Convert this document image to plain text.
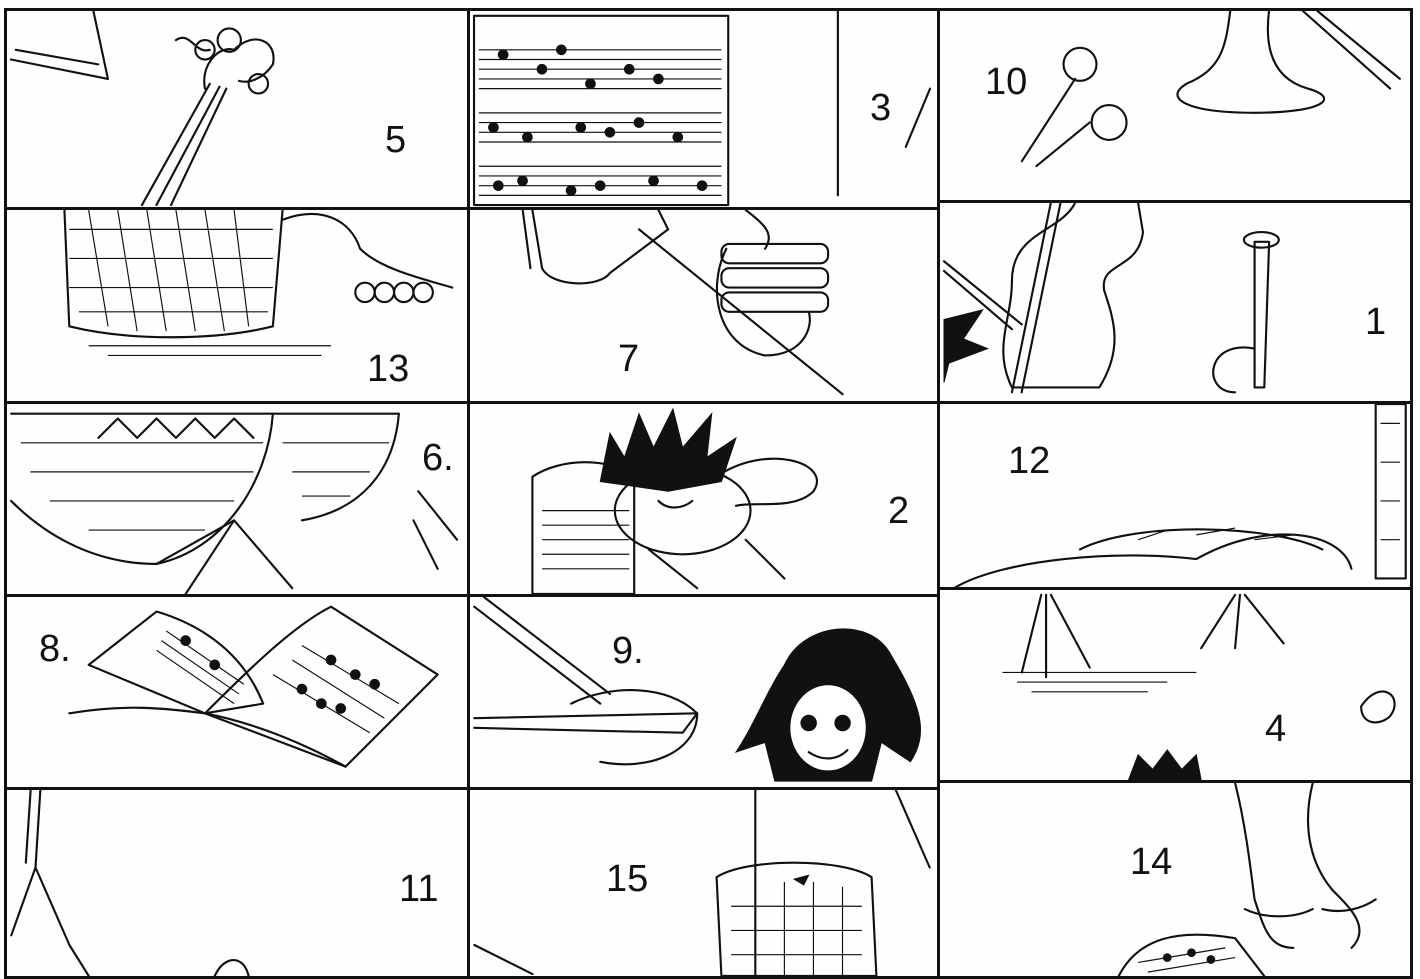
5
3
10
13	7
1
6.
2
12
8.	9.
4
11	15	14
